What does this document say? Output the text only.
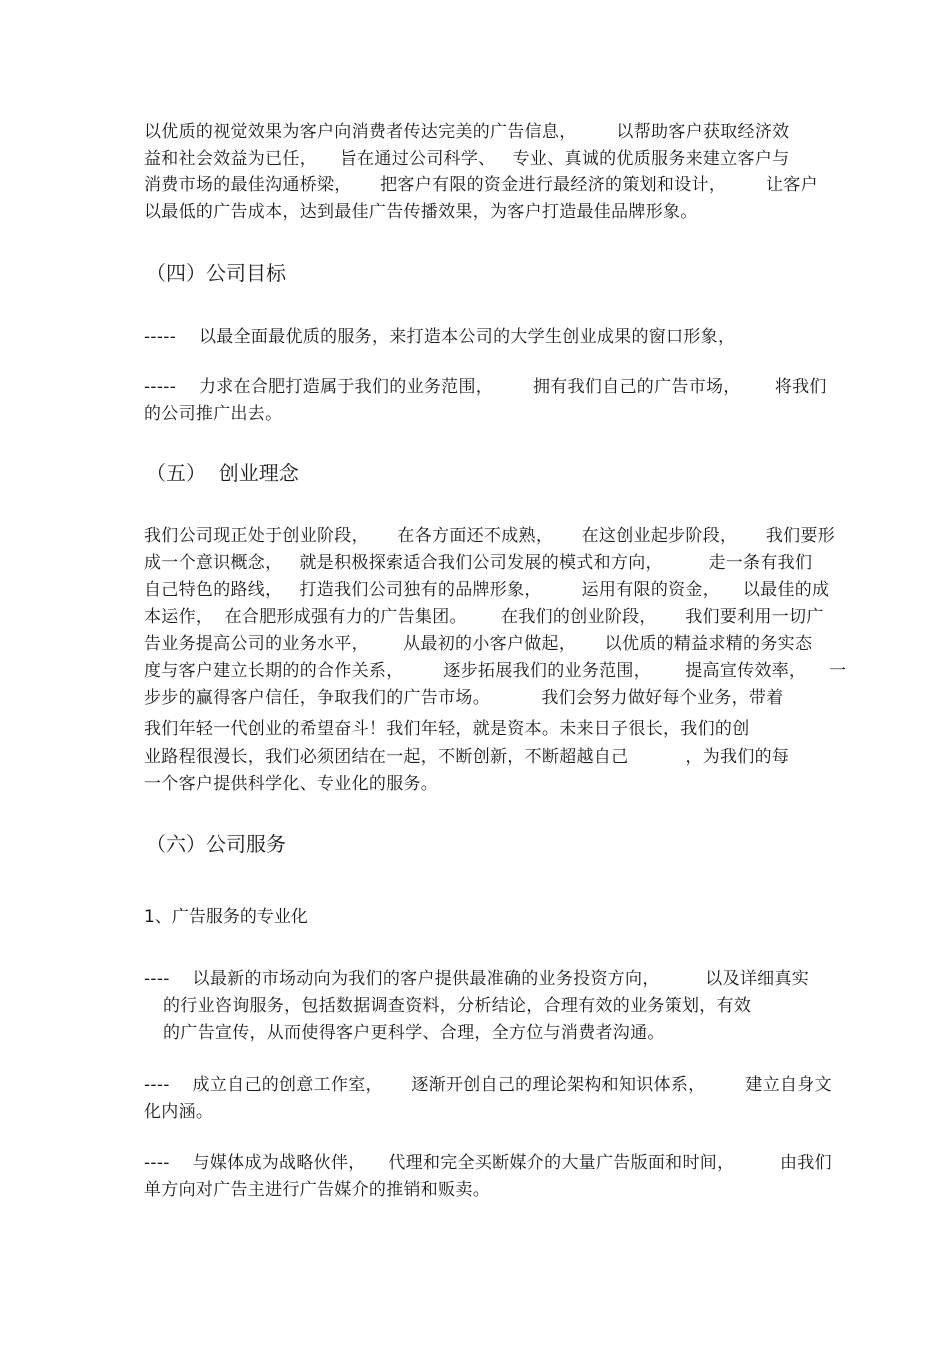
以优质的视觉效果为客户向消费者传达完美的广告信息，       以帮助客户获取经济效
益和社会效益为已任，    旨在通过公司科学、   专业、真诚的优质服务来建立客户与
消费市场的最佳沟通桥梁，     把客户有限的资金进行最经济的策划和设计，       让客户
以最低的广告成本，达到最佳广告传播效果，为客户打造最佳品牌形象。
（四）公司目标
-----    以最全面最优质的服务，来打造本公司的大学生创业成果的窗口形象，
-----    力求在合肥打造属于我们的业务范围，       拥有我们自己的广告市场，      将我们
的公司推广出去。
（五）  创业理念
我们公司现正处于创业阶段，     在各方面还不成熟，     在这创业起步阶段，     我们要形
成一个意识概念，   就是积极探索适合我们公司发展的模式和方向，        走一条有我们
自己特色的路线，   打造我们公司独有的品牌形象，       运用有限的资金，    以最佳的成
本运作，  在合肥形成强有力的广告集团。      在我们的创业阶段，     我们要利用一切广
告业务提高公司的业务水平，      从最初的小客户做起，     以优质的精益求精的务实态
度与客户建立长期的的合作关系，       逐步拓展我们的业务范围，      提高宣传效率，    一
步步的赢得客户信任，争取我们的广告市场。         我们会努力做好每个业务，带着
我们年轻一代创业的希望奋斗！我们年轻，就是资本。未来日子很长，我们的创
业路程很漫长，我们必须团结在一起，不断创新，不断超越自己          ，为我们的每
一个客户提供科学化、专业化的服务。
（六）公司服务
1、广告服务的专业化
----    以最新的市场动向为我们的客户提供最准确的业务投资方向，        以及详细真实
的行业咨询服务，包括数据调查资料，分析结论，合理有效的业务策划，有效
的广告宣传，从而使得客户更科学、合理，全方位与消费者沟通。
----    成立自己的创意工作室，     逐渐开创自己的理论架构和知识体系，       建立自身文
化内涵。
----    与媒体成为战略伙伴，    代理和完全买断媒介的大量广告版面和时间，        由我们
单方向对广告主进行广告媒介的推销和贩卖。
